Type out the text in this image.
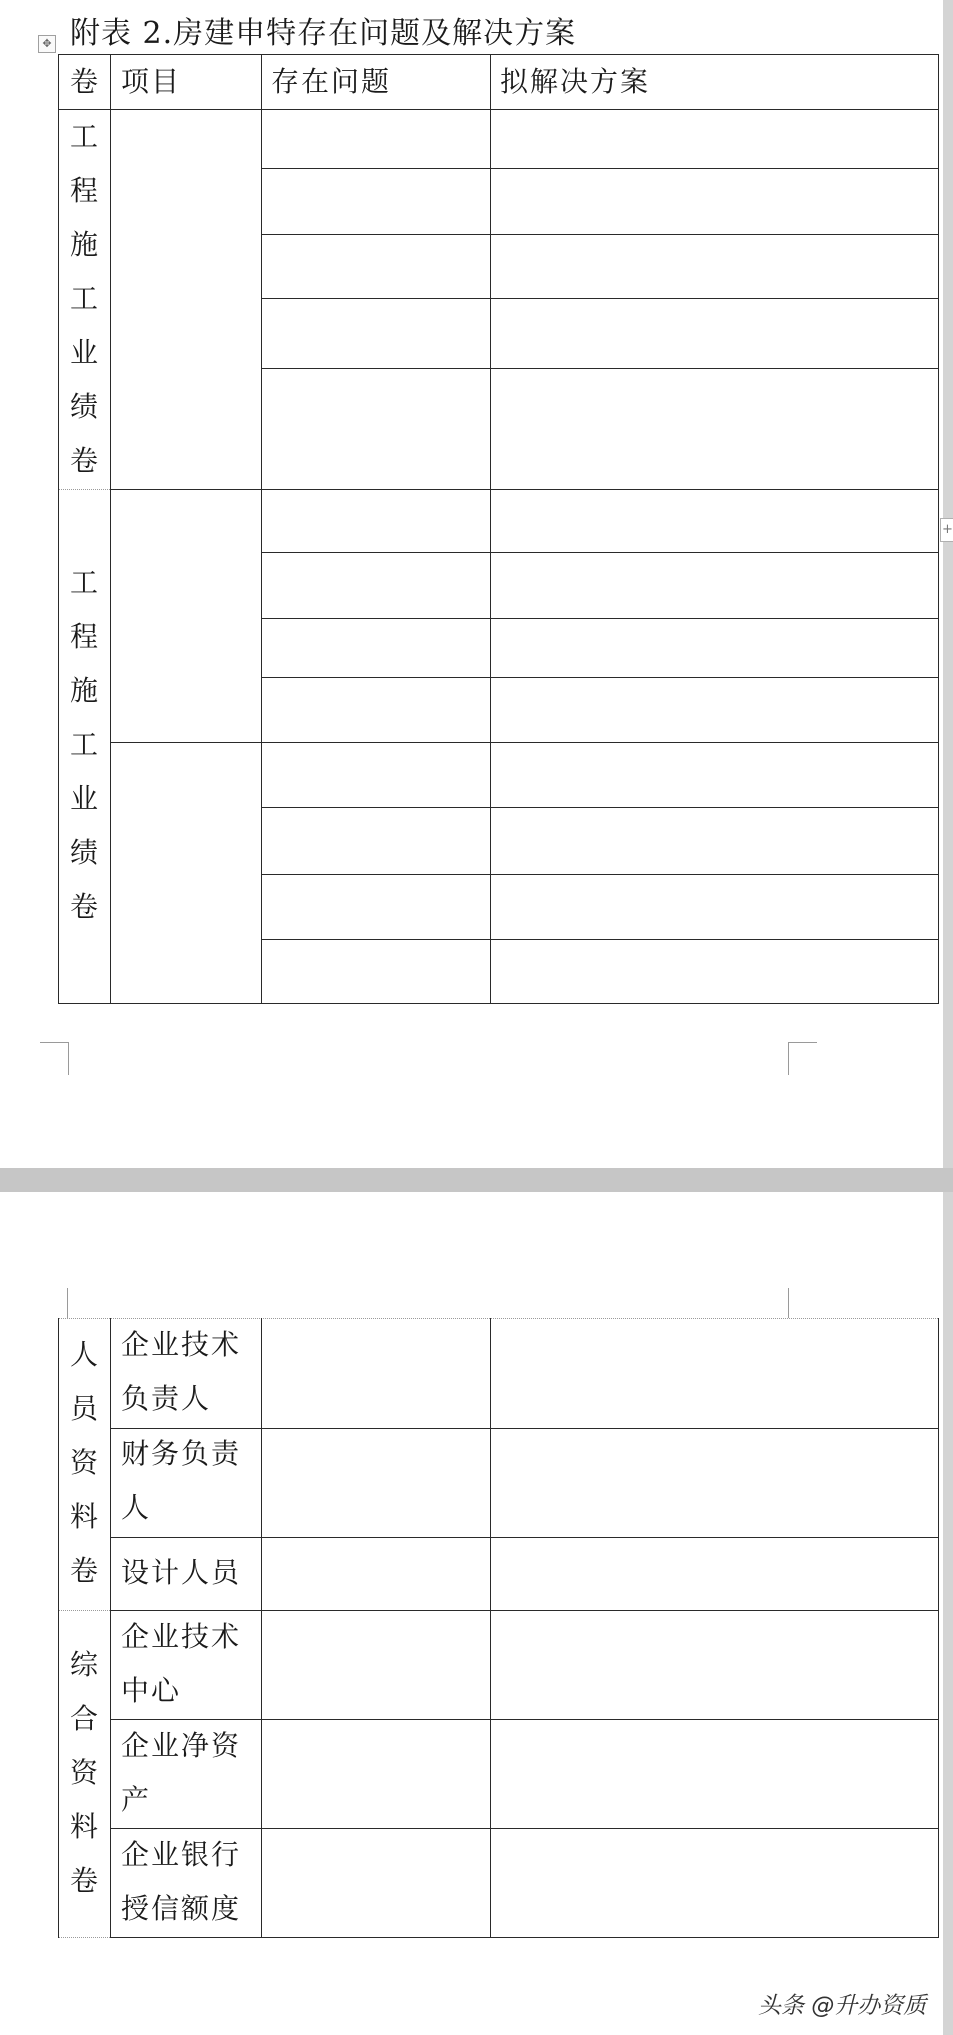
附表 2.房建申特存在问题及解决方案
✥
+
卷 项目	存在问题	拟解决方案
工程施工业绩卷
工程施工业绩卷
人员资料卷
综合资料卷
企业技术
负责人
财务负责
人
设计人员
企业技术
中心
企业净资
产
企业银行
授信额度
头条 @升办资质
